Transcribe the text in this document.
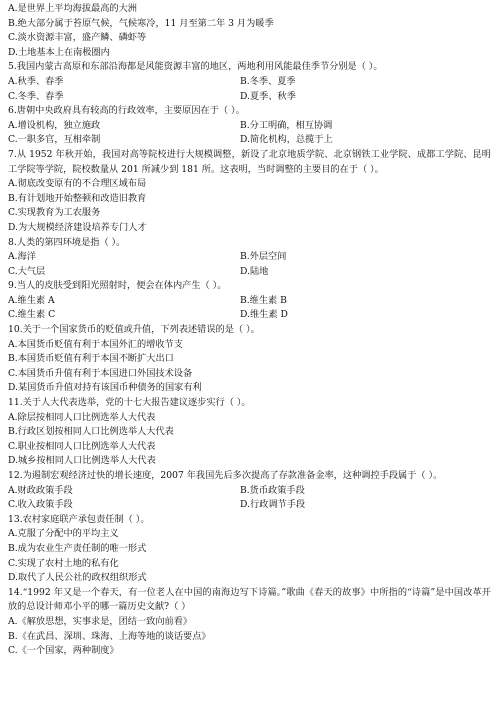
A.是世界上平均海拔最高的大洲
B.绝大部分属于苔原气候，气候寒冷，11 月至第二年 3 月为暖季
C.淡水资源丰富，盛产鳞、磷虾等
D.土地基本上在南极圈内
5.我国内蒙古高原和东部沿海都是风能资源丰富的地区，两地利用风能最佳季节分别是（ ）。
A.秋季、春季	B.冬季、夏季
C.冬季、春季	D.夏季、秋季
6.唐朝中央政府具有较高的行政效率，主要原因在于（ ）。
A.增设机构，独立施政	B.分工明确，相互协调
C.一职多官，互相牵制	D.简化机构，总揽于上
7.从 1952 年秋开始，我国对高等院校进行大规模调整，新设了北京地质学院、北京钢铁工业学院、成都工学院、昆明工学院等学院，院校数量从 201 所减少到 181 所。这表明，当时调整的主要目的在于（ ）。
A.彻底改变原有的不合理区域布局
B.有计划地开始整顿和改造旧教育
C.实现教育为工农服务
D.为大规模经济建设培养专门人才
8.人类的第四环境是指（ ）。
A.海洋	B.外层空间
C.大气层	D.陆地
9.当人的皮肤受到阳光照射时，便会在体内产生（ ）。
A.维生素 A	B.维生素 B
C.维生素 C	D.维生素 D
10.关于一个国家货币的贬值或升值，下列表述错误的是（ ）。
A.本国货币贬值有利于本国外汇的增收节支
B.本国货币贬值有利于本国不断扩大出口
C.本国货币升值有利于本国进口外国技术设备
D.某国货币升值对持有该国币种债务的国家有利
11.关于人大代表选举，党的十七大报告建议逐步实行（ ）。
A.除层按相同人口比例选举人大代表
B.行政区划按相同人口比例选举人大代表
C.职业按相同人口比例选举人大代表
D.城乡按相同人口比例选举人大代表
12.为遏制宏观经济过快的增长速度，2007 年我国先后多次提高了存款准备金率，这种调控手段属于（ ）。
A.财政政策手段	B.货币政策手段
C.收入政策手段	D.行政调节手段
13.农村家庭联产承包责任制（ ）。
A.克服了分配中的平均主义
B.成为农业生产责任制的唯一形式
C.实现了农村土地的私有化
D.取代了人民公社的政权组织形式
14.“1992 年又是一个春天，有一位老人在中国的南海边写下诗篇。”歌曲《春天的故事》中所指的“诗篇”是中国改革开放的总设计师邓小平的哪一篇历史文献?（ ）
A.《解放思想，实事求是，团结一致向前看》
B.《在武昌、深圳、珠海、上海等地的谈话要点》
C.《一个国家，两种制度》
